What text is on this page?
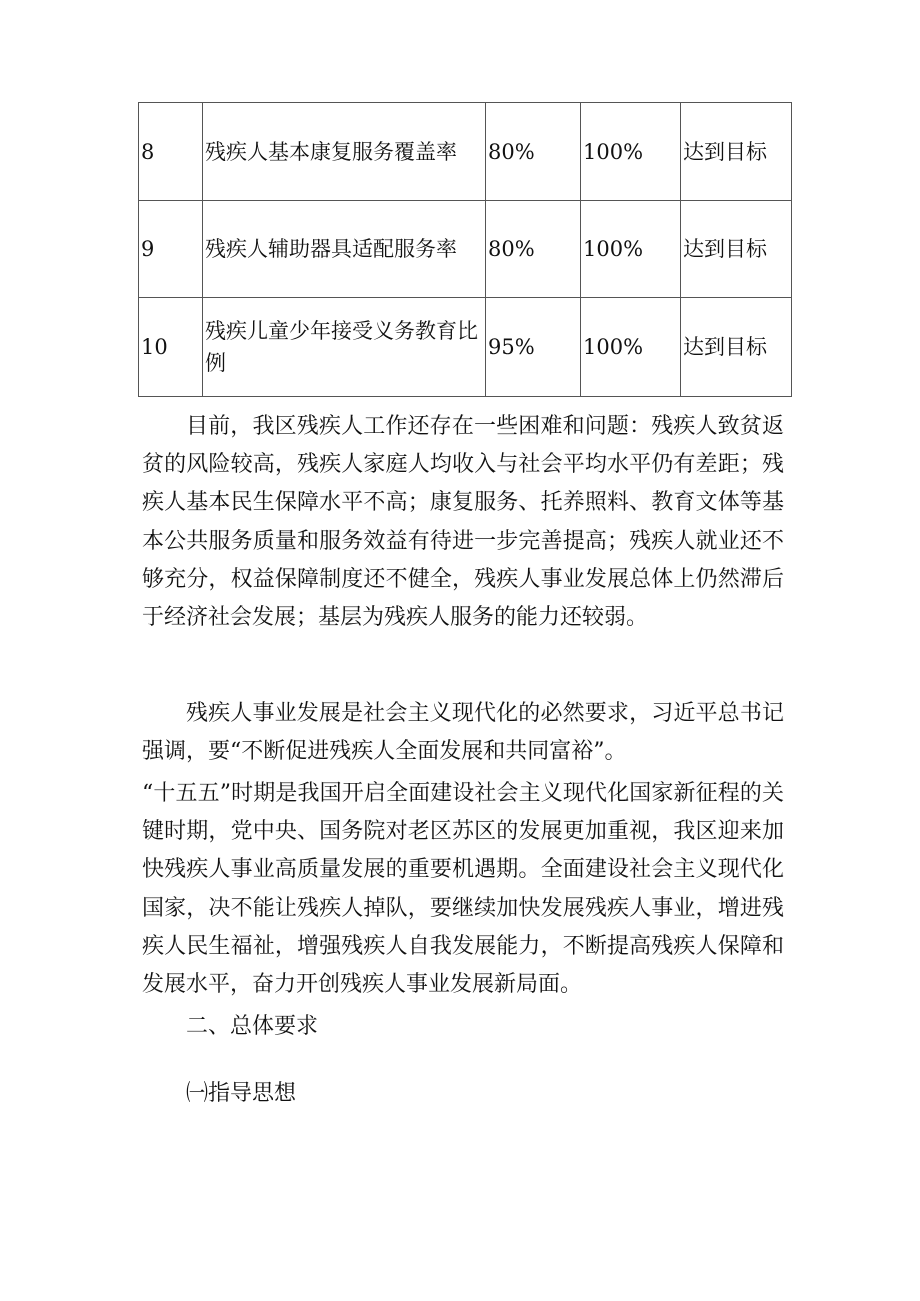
8	残疾人基本康复服务覆盖率	80%	100%	达到目标
9	残疾人辅助器具适配服务率	80%	100%	达到目标
10	残疾儿童少年接受义务教育比例	95%	100%	达到目标

目前，我区残疾人工作还存在一些困难和问题：残疾人致贫返贫的风险较高，残疾人家庭人均收入与社会平均水平仍有差距；残疾人基本民生保障水平不高；康复服务、托养照料、教育文体等基本公共服务质量和服务效益有待进一步完善提高；残疾人就业还不够充分，权益保障制度还不健全，残疾人事业发展总体上仍然滞后于经济社会发展；基层为残疾人服务的能力还较弱。

残疾人事业发展是社会主义现代化的必然要求，习近平总书记强调，要“不断促进残疾人全面发展和共同富裕”。

“十五五”时期是我国开启全面建设社会主义现代化国家新征程的关键时期，党中央、国务院对老区苏区的发展更加重视，我区迎来加快残疾人事业高质量发展的重要机遇期。全面建设社会主义现代化国家，决不能让残疾人掉队，要继续加快发展残疾人事业，增进残疾人民生福祉，增强残疾人自我发展能力，不断提高残疾人保障和发展水平，奋力开创残疾人事业发展新局面。

二、总体要求

㈠指导思想
